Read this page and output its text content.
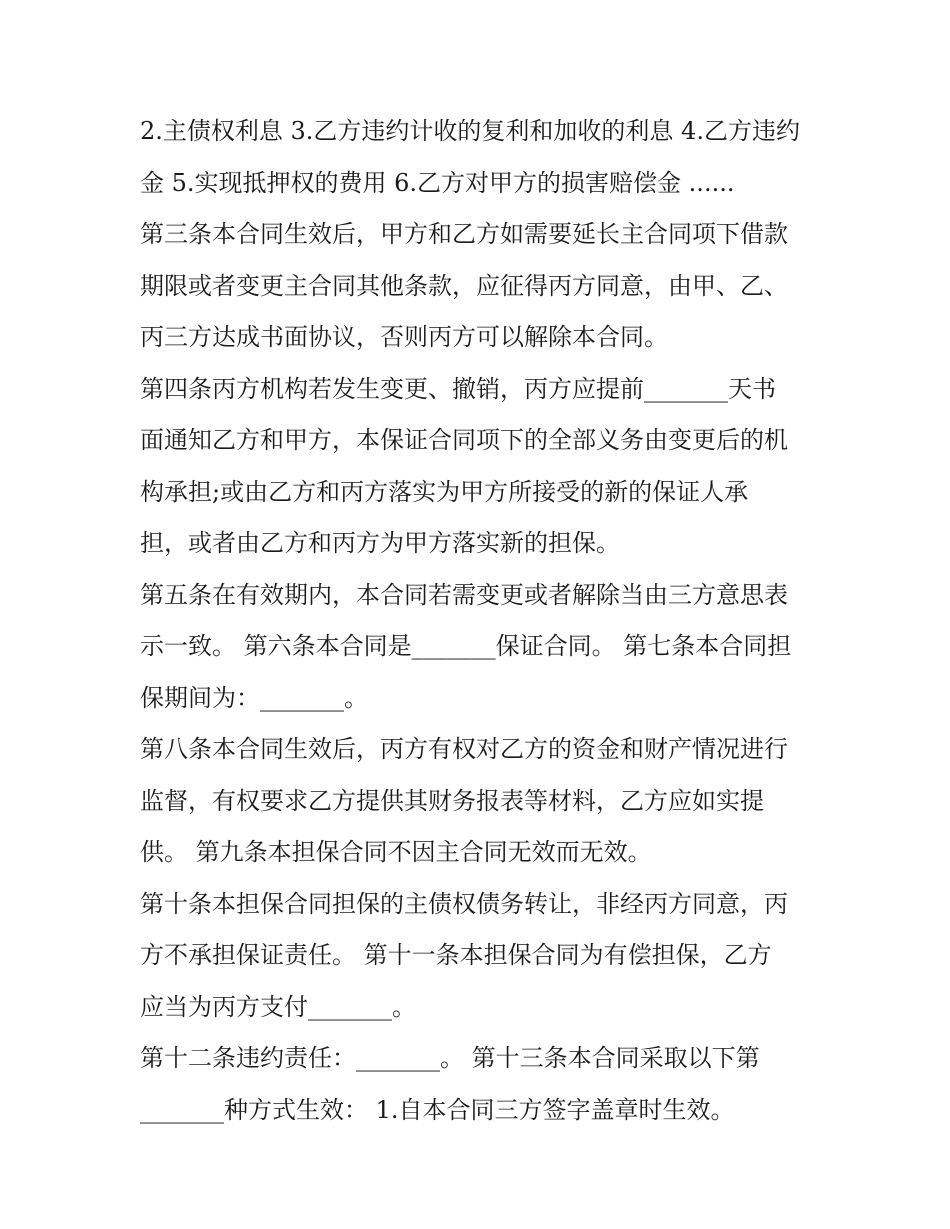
2.主债权利息 3.乙方违约计收的复利和加收的利息 4.乙方违约
金 5.实现抵押权的费用 6.乙方对甲方的损害赔偿金 ......
第三条本合同生效后，甲方和乙方如需要延长主合同项下借款
期限或者变更主合同其他条款，应征得丙方同意，由甲、乙、
丙三方达成书面协议，否则丙方可以解除本合同。
第四条丙方机构若发生变更、撤销，丙方应提前_______天书
面通知乙方和甲方，本保证合同项下的全部义务由变更后的机
构承担;或由乙方和丙方落实为甲方所接受的新的保证人承
担，或者由乙方和丙方为甲方落实新的担保。
第五条在有效期内，本合同若需变更或者解除当由三方意思表
示一致。 第六条本合同是_______保证合同。 第七条本合同担
保期间为：_______。
第八条本合同生效后，丙方有权对乙方的资金和财产情况进行
监督，有权要求乙方提供其财务报表等材料，乙方应如实提
供。 第九条本担保合同不因主合同无效而无效。
第十条本担保合同担保的主债权债务转让，非经丙方同意，丙
方不承担保证责任。 第十一条本担保合同为有偿担保，乙方
应当为丙方支付_______。
第十二条违约责任：_______。 第十三条本合同采取以下第
_______种方式生效： 1.自本合同三方签字盖章时生效。
